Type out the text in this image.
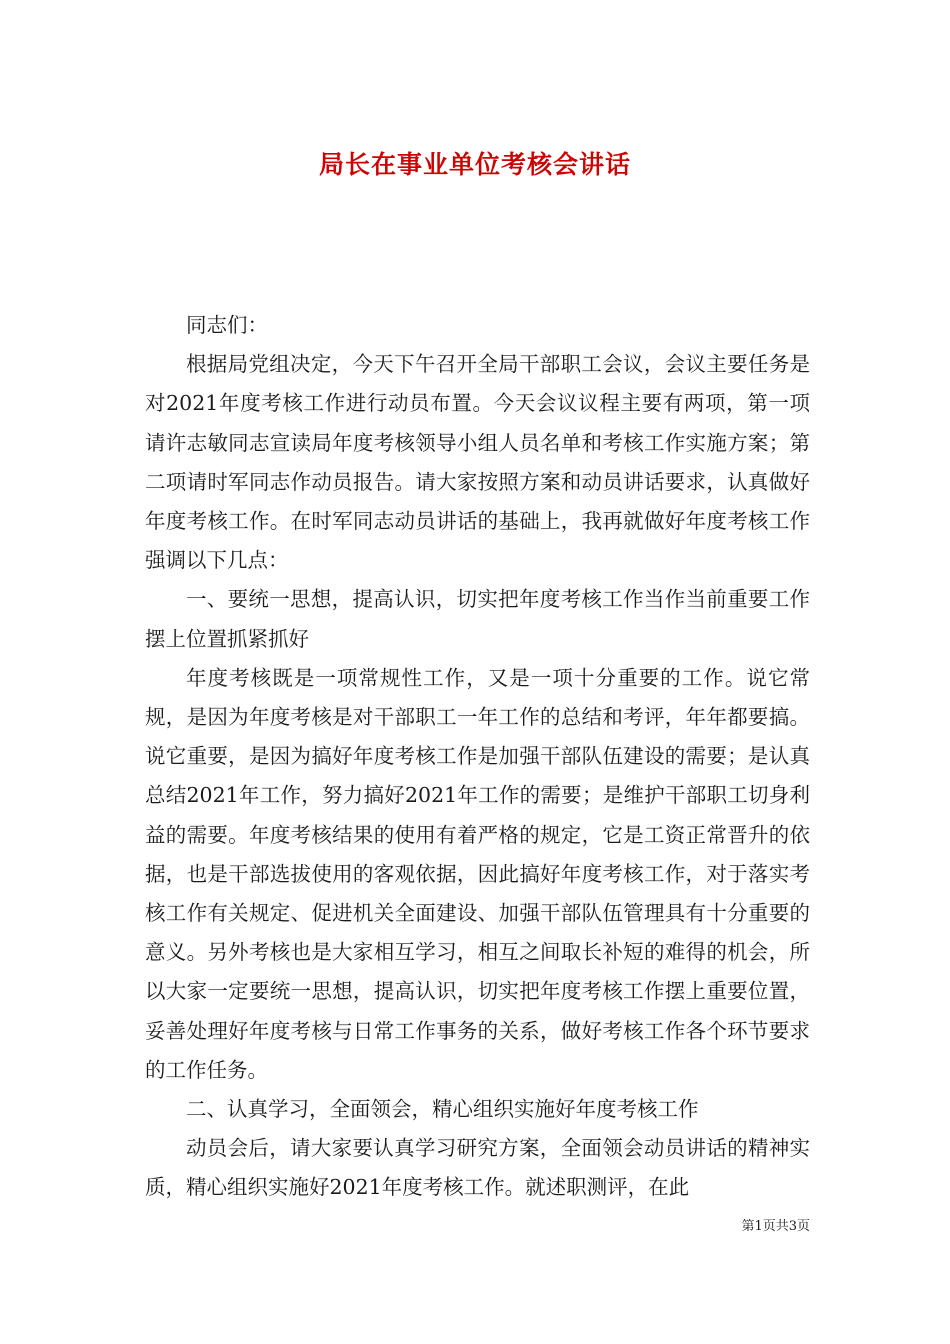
局长在事业单位考核会讲话

同志们：

根据局党组决定，今天下午召开全局干部职工会议，会议主要任务是对2021年度考核工作进行动员布置。今天会议议程主要有两项，第一项请许志敏同志宣读局年度考核领导小组人员名单和考核工作实施方案；第二项请时军同志作动员报告。请大家按照方案和动员讲话要求，认真做好年度考核工作。在时军同志动员讲话的基础上，我再就做好年度考核工作强调以下几点：

一、要统一思想，提高认识，切实把年度考核工作当作当前重要工作摆上位置抓紧抓好

年度考核既是一项常规性工作，又是一项十分重要的工作。说它常规，是因为年度考核是对干部职工一年工作的总结和考评，年年都要搞。说它重要，是因为搞好年度考核工作是加强干部队伍建设的需要；是认真总结2021年工作，努力搞好2021年工作的需要；是维护干部职工切身利益的需要。年度考核结果的使用有着严格的规定，它是工资正常晋升的依据，也是干部选拔使用的客观依据，因此搞好年度考核工作，对于落实考核工作有关规定、促进机关全面建设、加强干部队伍管理具有十分重要的意义。另外考核也是大家相互学习，相互之间取长补短的难得的机会，所以大家一定要统一思想，提高认识，切实把年度考核工作摆上重要位置，妥善处理好年度考核与日常工作事务的关系，做好考核工作各个环节要求的工作任务。

二、认真学习，全面领会，精心组织实施好年度考核工作

动员会后，请大家要认真学习研究方案，全面领会动员讲话的精神实质，精心组织实施好2021年度考核工作。就述职测评，在此

第1页共3页
